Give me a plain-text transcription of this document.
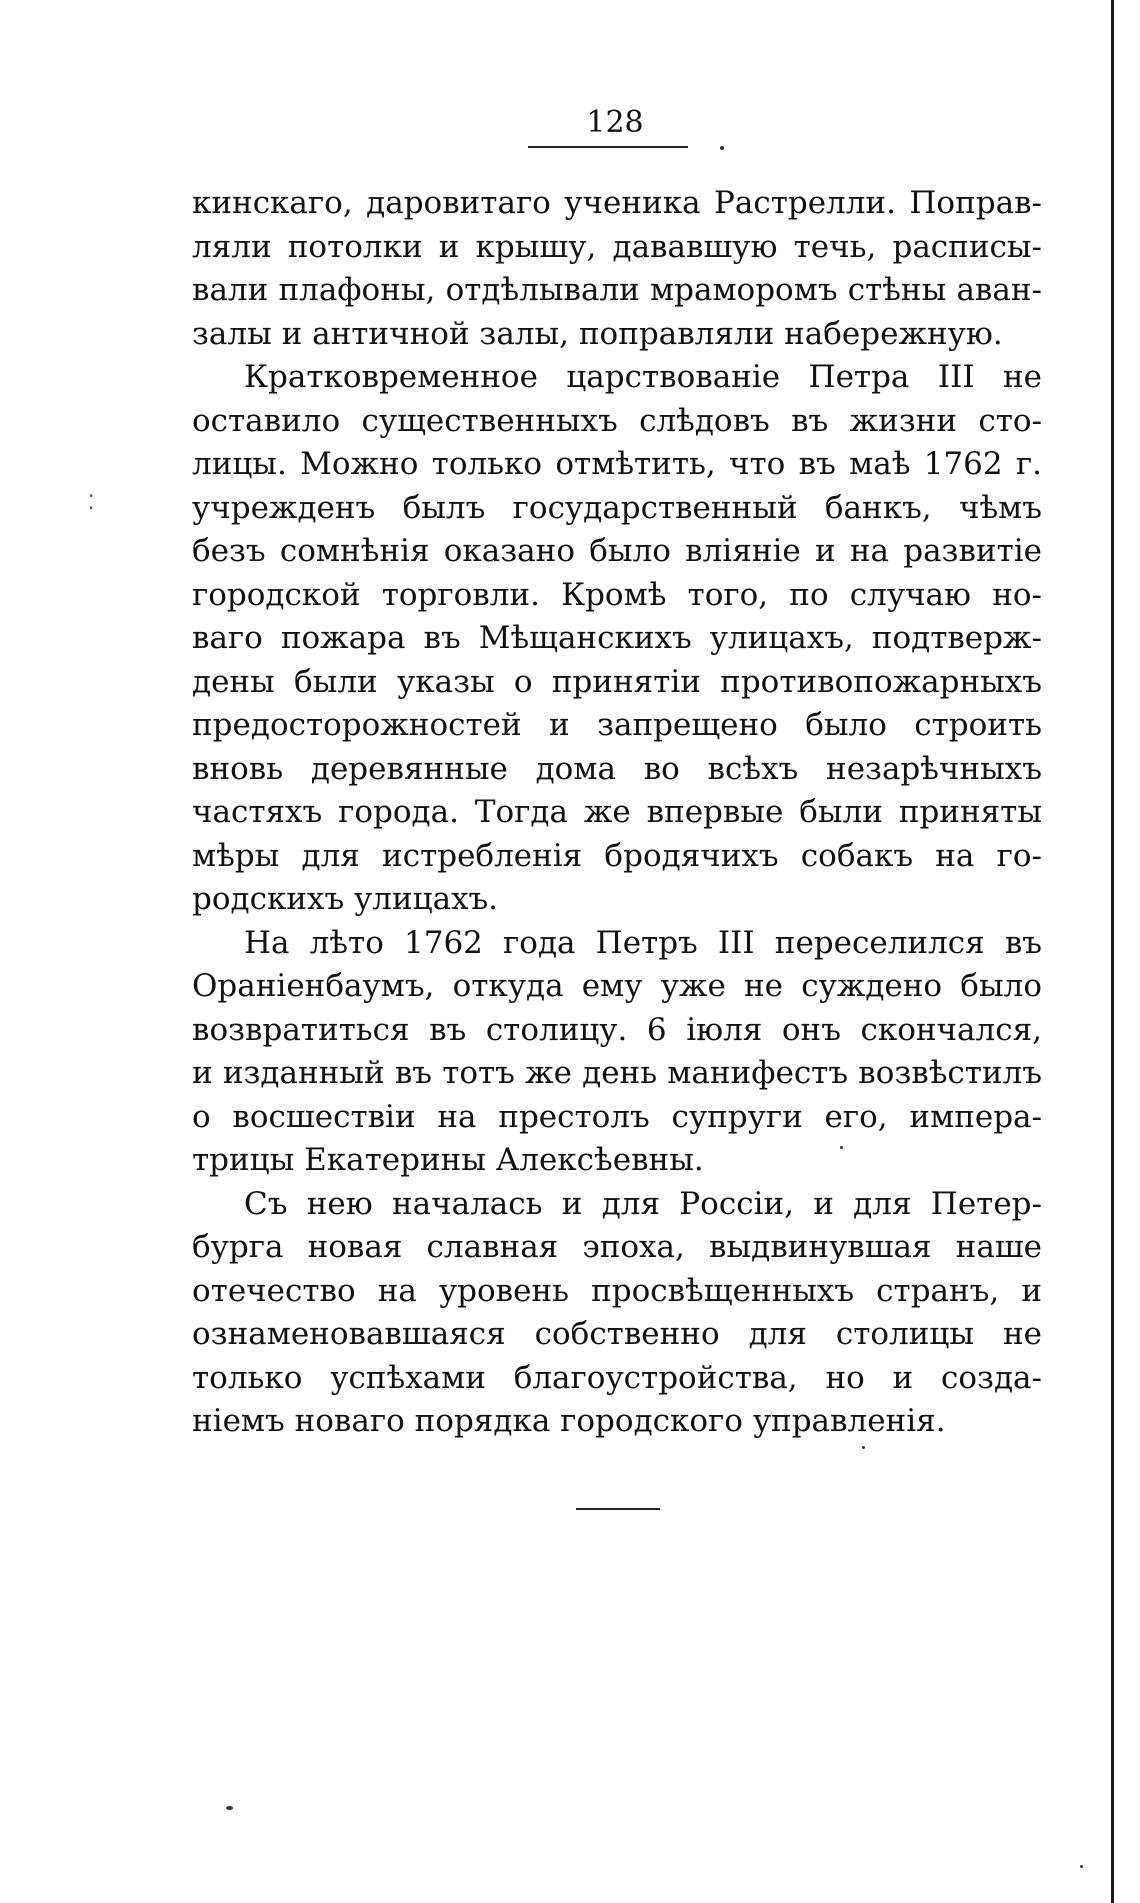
128
⁚
кинскаго, даровитаго ученика Растрелли. Поправ-
ляли потолки и крышу, дававшую течь, расписы-
вали плафоны, отдѣлывали мраморомъ стѣны аван-
залы и античной залы, поправляли набережную.
Кратковременное царствованіе Петра III не
оставило существенныхъ слѣдовъ въ жизни сто-
лицы. Можно только отмѣтить, что въ маѣ 1762 г.
учрежденъ былъ государственный банкъ, чѣмъ
безъ сомнѣнія оказано было вліяніе и на развитіе
городской торговли. Кромѣ того, по случаю но-
ваго пожара въ Мѣщанскихъ улицахъ, подтверж-
дены были указы о принятіи противопожарныхъ
предосторожностей и запрещено было строить
вновь деревянные дома во всѣхъ незарѣчныхъ
частяхъ города. Тогда же впервые были приняты
мѣры для истребленія бродячихъ собакъ на го-
родскихъ улицахъ.
На лѣто 1762 года Петръ III переселился въ
Ораніенбаумъ, откуда ему уже не суждено было
возвратиться въ столицу. 6 іюля онъ скончался,
и изданный въ тотъ же день манифестъ возвѣстилъ
о восшествіи на престолъ супруги его, импера-
трицы Екатерины Алексѣевны.
Съ нею началась и для Россіи, и для Петер-
бурга новая славная эпоха, выдвинувшая наше
отечество на уровень просвѣщенныхъ странъ, и
ознаменовавшаяся собственно для столицы не
только успѣхами благоустройства, но и созда-
ніемъ новаго порядка городского управленія.
